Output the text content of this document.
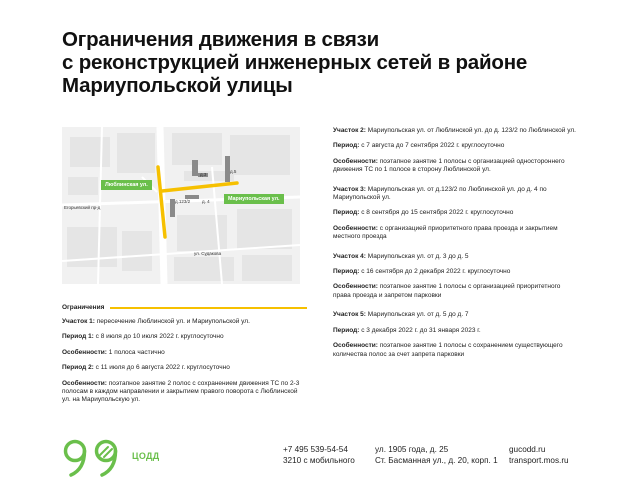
Ограничения движения в связи
с реконструкцией инженерных сетей в районе
Мариупольской улицы
д.123/2	д. 4
д.3
д.5
Егорьевский пр-д
ул. Судакова
Люблинская ул.
Мариупольская ул.
Ограничения
Участок 1: пересечение Люблинской ул. и Мариупольской ул.
Период 1: с 8 июля до 10 июля 2022 г. круглосуточно
Особенности: 1 полоса частично
Период 2: с 11 июля до 6 августа 2022 г. круглосуточно
Особенности: поэтапное занятие 2 полос с сохранением движения ТС по 2-3 полосам в каждом направлении и закрытием правого поворота с Люблинской ул. на Мариупольскую ул.
Участок 2: Мариупольская ул. от Люблинской ул. до д. 123/2 по Люблинской ул.
Период: с 7 августа до 7 сентября 2022 г. круглосуточно
Особенности: поэтапное занятие 1 полосы с организацией одностороннего движения ТС по 1 полосе в сторону Люблинской ул.
Участок 3: Мариупольская ул. от д.123/2 по Люблинской ул. до д. 4 по Мариупольской ул.
Период: с 8 сентября до 15 сентября 2022 г. круглосуточно
Особенности: с организацией приоритетного права проезда и закрытием местного проезда
Участок 4: Мариупольская ул. от д. 3 до д. 5
Период: с 16 сентября до 2 декабря 2022 г. круглосуточно
Особенности: поэтапное занятие 1 полосы с организацией приоритетного права проезда и запретом парковки
Участок 5: Мариупольская ул. от д. 5 до д. 7
Период: с 3 декабря 2022 г. до 31 января 2023 г.
Особенности: поэтапное занятие 1 полосы с сохранением существующего количества полос за счет запрета парковки
ЦОДД
+7 495 539-54-54
3210 с мобильного
ул. 1905 года, д. 25
Ст. Басманная ул., д. 20, корп. 1
gucodd.ru
transport.mos.ru
